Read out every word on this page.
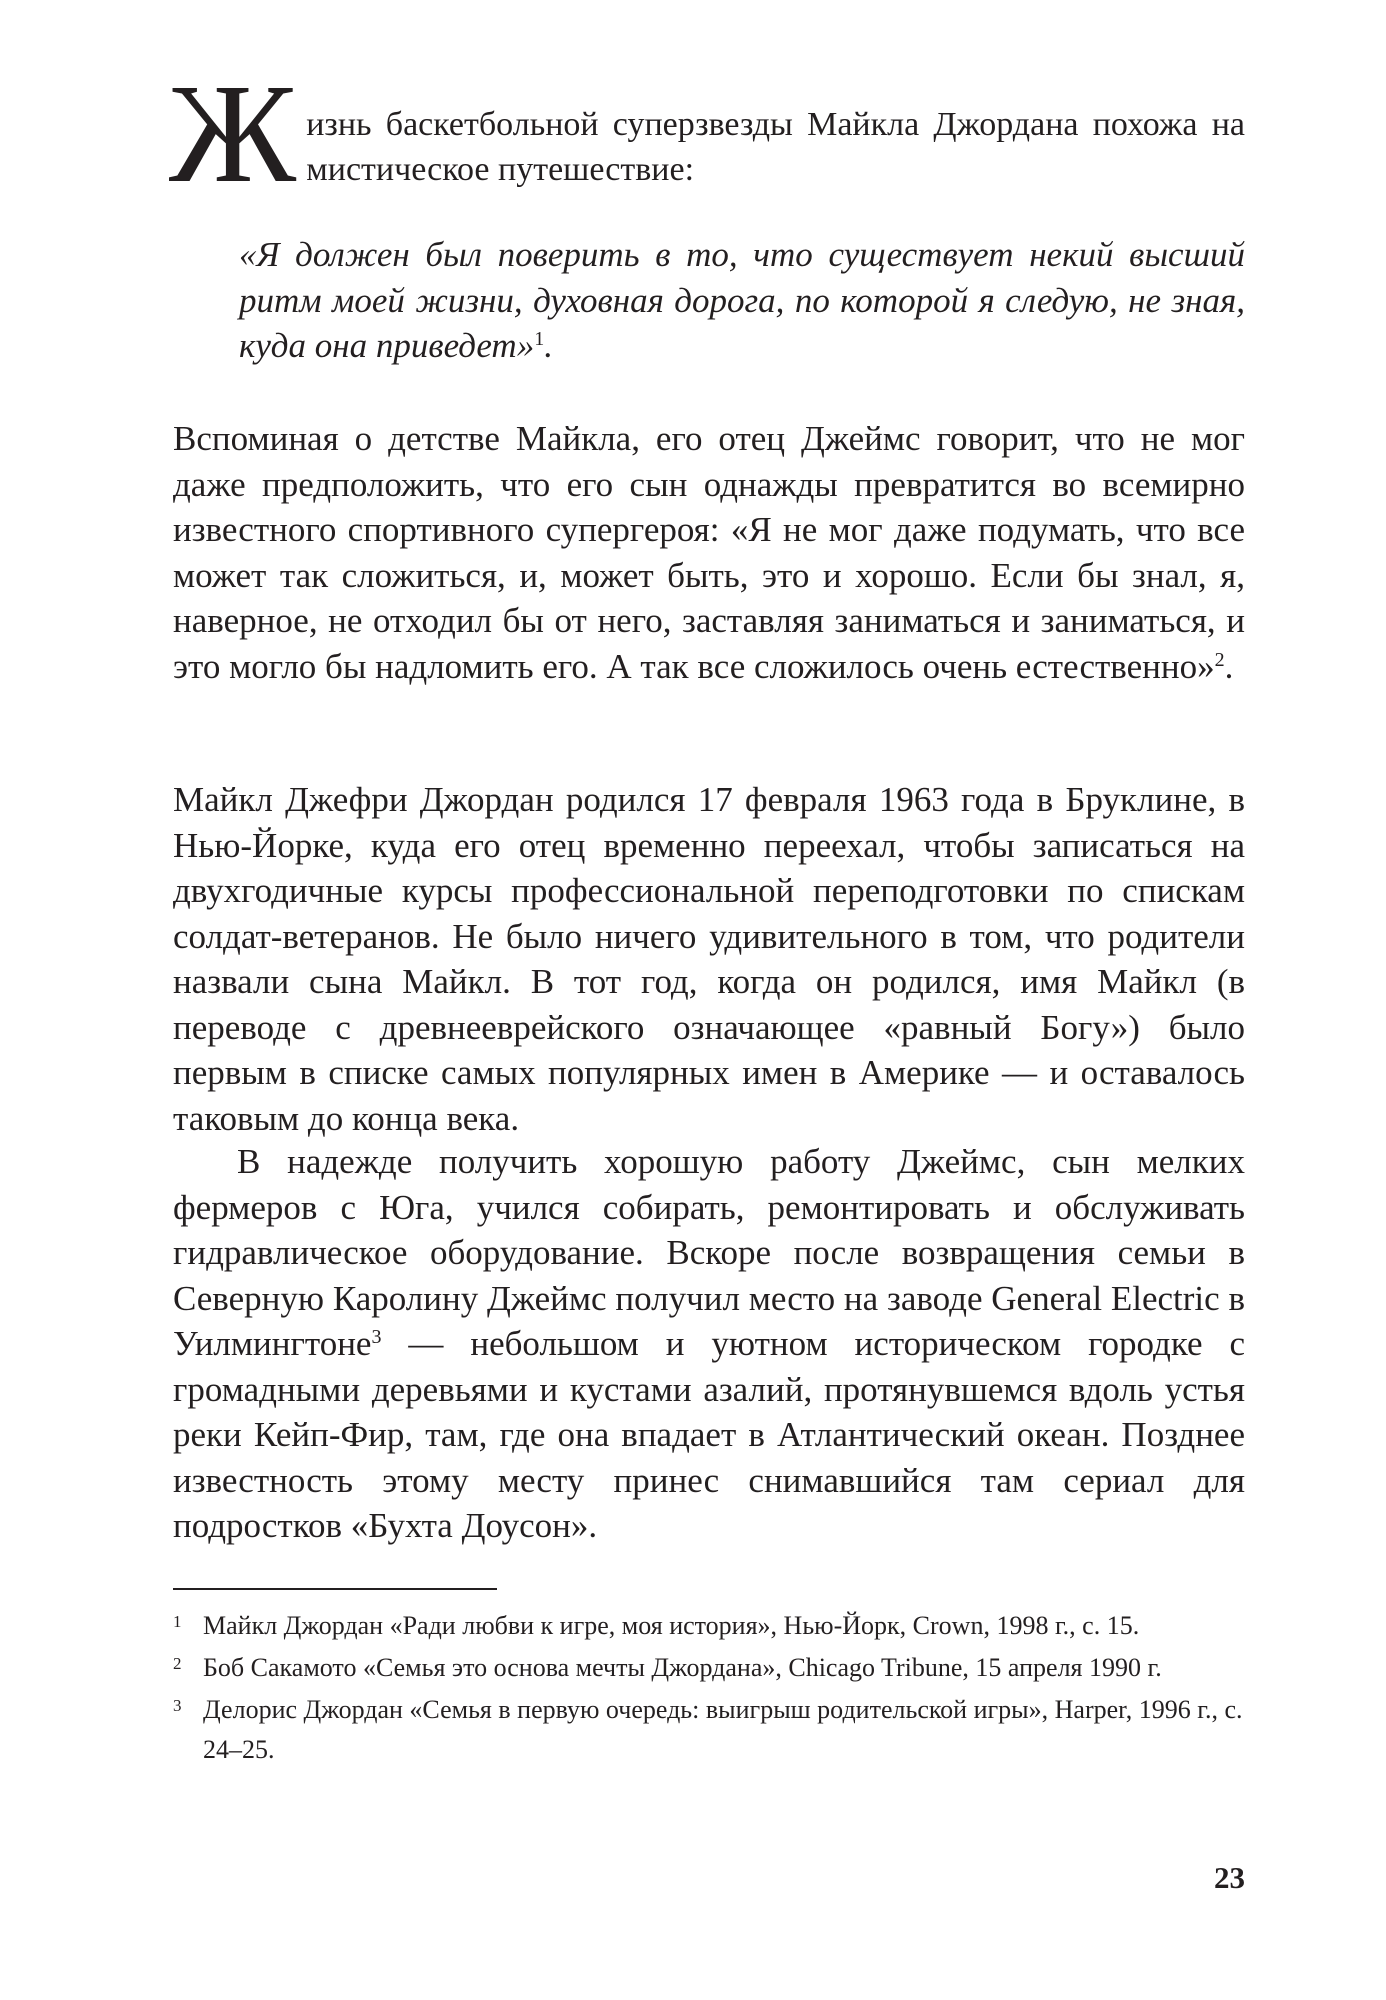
Ж изнь баскетбольной суперзвезды Майкла Джордана похожа на мистическое путешествие:

«Я должен был поверить в то, что существует некий высший ритм моей жизни, духовная дорога, по которой я следую, не зная, куда она приведет»$^1$.

Вспоминая о детстве Майкла, его отец Джеймс говорит, что не мог даже предположить, что его сын однажды превратится во всемирно известного спортивного супергероя: «Я не мог даже подумать, что все может так сложиться, и, может быть, это и хорошо. Если бы знал, я, наверное, не отходил бы от него, заставляя заниматься и заниматься, и это могло бы надломить его. А так все сложилось очень естественно»$^2$.

Майкл Джефри Джордан родился 17 февраля 1963 года в Бруклине, в Нью-Йорке, куда его отец временно переехал, чтобы записаться на двухгодичные курсы профессиональной переподготовки по спискам солдат-ветеранов. Не было ничего удивительного в том, что родители назвали сына Майкл. В тот год, когда он родился, имя Майкл (в переводе с древнееврейского означающее «равный Богу») было первым в списке самых популярных имен в Америке — и оставалось таковым до конца века.

В надежде получить хорошую работу Джеймс, сын мелких фермеров с Юга, учился собирать, ремонтировать и обслуживать гидравлическое оборудование. Вскоре после возвращения семьи в Северную Каролину Джеймс получил место на заводе General Electric в Уилмингтоне$^3$ — небольшом и уютном историческом городке с громадными деревьями и кустами азалий, протянувшемся вдоль устья реки Кейп-Фир, там, где она впадает в Атлантический океан. Позднее известность этому месту принес снимавшийся там сериал для подростков «Бухта Доусон».

1 Майкл Джордан «Ради любви к игре, моя история», Нью-Йорк, Crown, 1998 г., с. 15.

2 Боб Сакамото «Семья это основа мечты Джордана», Chicago Tribune, 15 апреля 1990 г.

3 Делорис Джордан «Семья в первую очередь: выигрыш родительской игры», Harper, 1996 г., с. 24–25.

23
